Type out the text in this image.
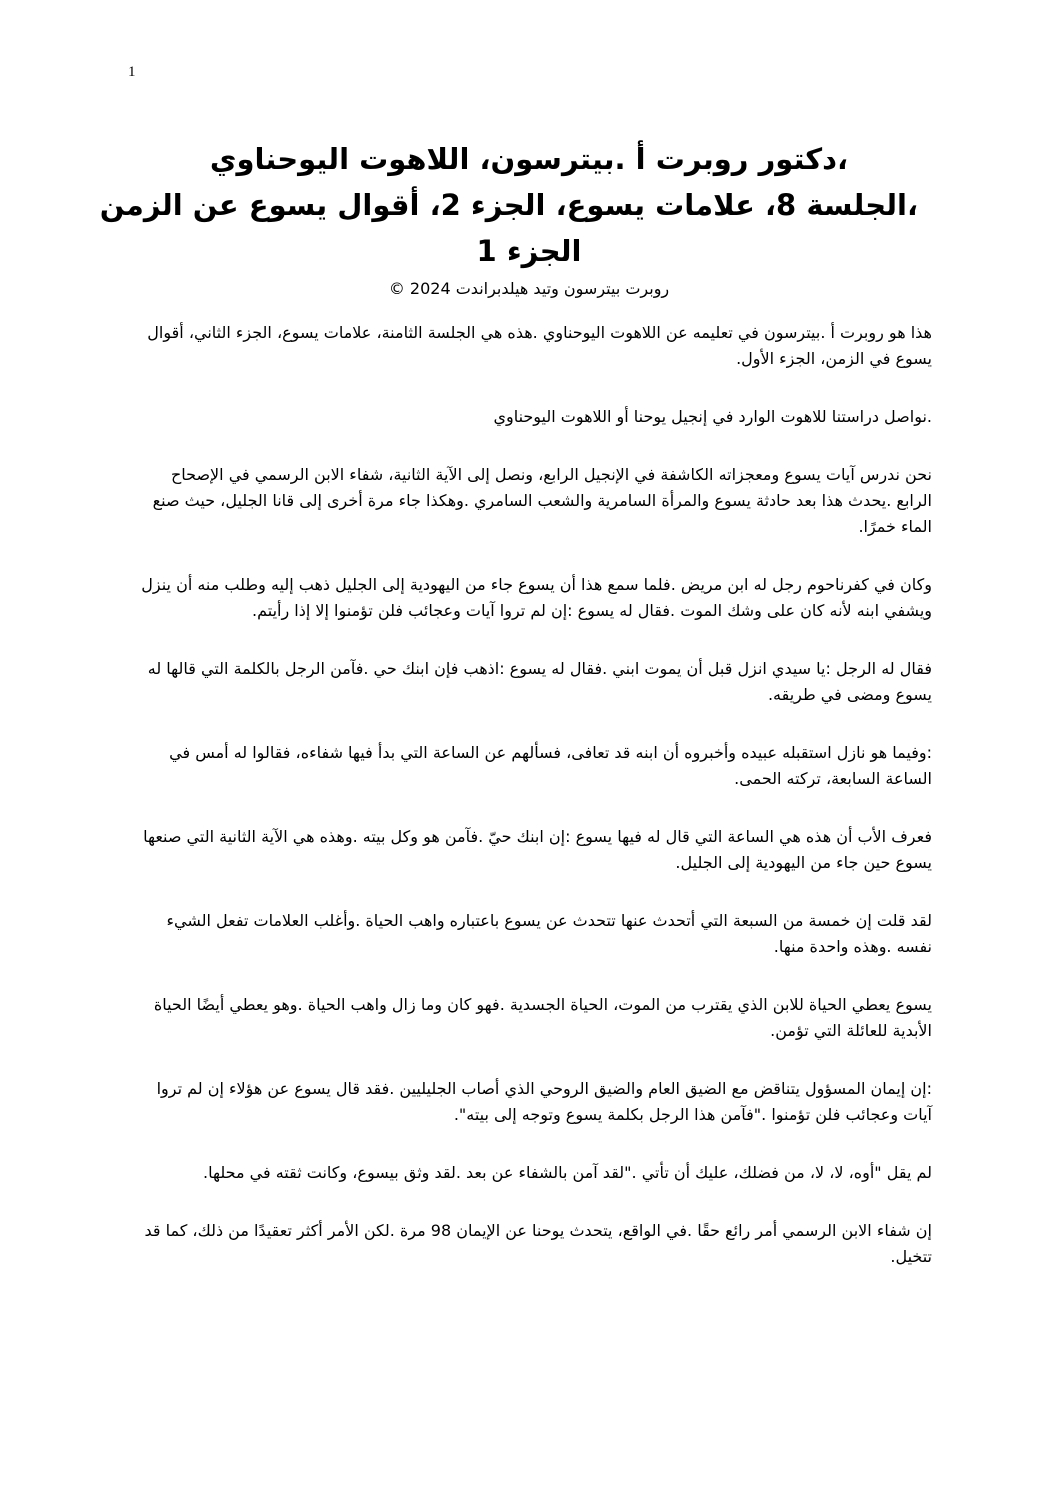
1
،دكتور روبرت أ .بيترسون، اللاهوت اليوحناوي
،الجلسة 8، علامات يسوع، الجزء 2، أقوال يسوع عن الزمن
الجزء 1
روبرت بيترسون وتيد هيلدبراندت 2024 ©

هذا هو روبرت أ .بيترسون في تعليمه عن اللاهوت اليوحناوي .هذه هي الجلسة الثامنة، علامات يسوع، الجزء الثاني، أقوال يسوع في الزمن، الجزء الأول.

.نواصل دراستنا للاهوت الوارد في إنجيل يوحنا أو اللاهوت اليوحناوي

نحن ندرس آيات يسوع ومعجزاته الكاشفة في الإنجيل الرابع، ونصل إلى الآية الثانية، شفاء الابن الرسمي في الإصحاح الرابع .يحدث هذا بعد حادثة يسوع والمرأة السامرية والشعب السامري .وهكذا جاء مرة أخرى إلى قانا الجليل، حيث صنع الماء خمرًا.

وكان في كفرناحوم رجل له ابن مريض .فلما سمع هذا أن يسوع جاء من اليهودية إلى الجليل ذهب إليه وطلب منه أن ينزل ويشفي ابنه لأنه كان على وشك الموت .فقال له يسوع :إن لم تروا آيات وعجائب فلن تؤمنوا إلا إذا رأيتم.

فقال له الرجل :يا سيدي انزل قبل أن يموت ابني .فقال له يسوع :اذهب فإن ابنك حي .فآمن الرجل بالكلمة التي قالها له يسوع ومضى في طريقه.

:وفيما هو نازل استقبله عبيده وأخبروه أن ابنه قد تعافى، فسألهم عن الساعة التي بدأ فيها شفاءه، فقالوا له أمس في الساعة السابعة، تركته الحمى.

فعرف الأب أن هذه هي الساعة التي قال له فيها يسوع :إن ابنك حيّ .فآمن هو وكل بيته .وهذه هي الآية الثانية التي صنعها يسوع حين جاء من اليهودية إلى الجليل.

لقد قلت إن خمسة من السبعة التي أتحدث عنها تتحدث عن يسوع باعتباره واهب الحياة .وأغلب العلامات تفعل الشيء نفسه .وهذه واحدة منها.

يسوع يعطي الحياة للابن الذي يقترب من الموت، الحياة الجسدية .فهو كان وما زال واهب الحياة .وهو يعطي أيضًا الحياة الأبدية للعائلة التي تؤمن.

:إن إيمان المسؤول يتناقض مع الضيق العام والضيق الروحي الذي أصاب الجليليين .فقد قال يسوع عن هؤلاء إن لم تروا آيات وعجائب فلن تؤمنوا ."فآمن هذا الرجل بكلمة يسوع وتوجه إلى بيته".

لم يقل "أوه، لا، لا، من فضلك، عليك أن تأتي ."لقد آمن بالشفاء عن بعد .لقد وثق بيسوع، وكانت ثقته في محلها.

إن شفاء الابن الرسمي أمر رائع حقًا .في الواقع، يتحدث يوحنا عن الإيمان 98 مرة .لكن الأمر أكثر تعقيدًا من ذلك، كما قد تتخيل.
